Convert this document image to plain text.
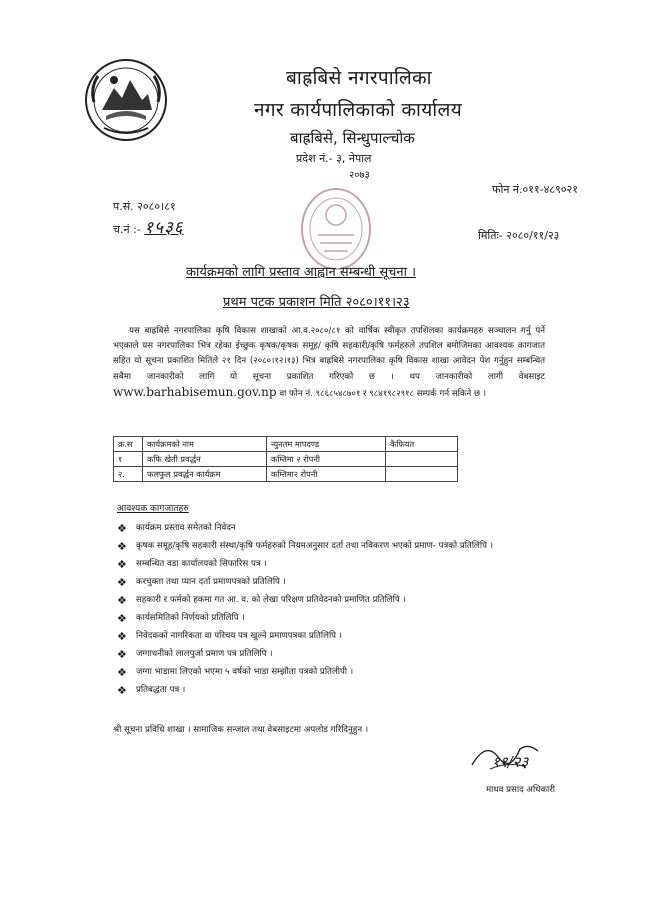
बाह्रबिसे नगरपालिका
नगर कार्यपालिकाको कार्यालय
बाह्रबिसे, सिन्धुपाल्चोक
प्रदेश नं.- ३, नेपाल
२०७३
फोन नं.०११-४८९०२१
प.सं. २०८०।८१
च.नं :- १५३६	मितिः- २०८०/११/२३
कार्यक्रमको लागि प्रस्ताव आह्वान सम्बन्धी सूचना ।
प्रथम पटक प्रकाशन मिति २०८०।११।२३
यस बाह्रबिसे नगरपालिका कृषि विकास शाखाको आ.व.२०८०/८१ को वार्षिक स्वीकृत तपशिलका कार्यक्रमहरु सञ्चालन गर्नु पर्ने भएकाले यस नगरपालिका भित्र रहेका ईच्छुक कृषक/कृषक समूह/ कृषि सहकारी/कृषि फर्महरुले तपशिल बमोजिमका आवश्यक कागजात सहित यो सूचना प्रकाशित मितिले २१ दिन (२०८०।१२।१३) भित्र बाह्रबिसे नगरपालिका कृषि विकास शाखा आवेदन पेश गर्नुहुन सम्बन्धित सबैमा जानकारीको लागि यो सूचना प्रकाशित गरिएको छ । थप जानकारीको लागी वेबसाइट www.barhabisemun.gov.np वा फोन नं. ९८६८५४८७०१ र ९८४१९८२९१८ सम्पर्क गर्न सकिने छ ।
क्र.स	कार्यक्रमको नाम	न्युनतम मापदण्ड	कैफियत
१	कफि खेती प्रवर्द्धन	कम्तिमा २ रोपनी	
२.	फलफुल प्रवर्द्धन कार्यक्रम	कम्तिमा२ रोपनी	
आवश्यक कागजातहरु
❖ कार्यक्रम प्रस्ताव समेतको निवेदन
❖ कृषक समूह/कृषि सहकारी संस्था/कृषि फर्महरुको नियमअनुसार दर्ता तथा नविकरण भएको प्रमाण- पत्रको प्रतिलिपि ।
❖ सम्बन्धित वडा कार्यालयको सिफारिस पत्र ।
❖ करचुक्ता तथा प्यान दर्ता प्रमाणपत्रको प्रतिलिपि ।
❖ सहकारी र फर्मको हकमा गत आ. व. को लेखा परिक्षण प्रतिवेदनको प्रमाणित प्रतिलिपि ।
❖ कार्यसमितिको निर्णयको प्रतिलिपि ।
❖ निवेदकको नागरिकता वा परिचय पत्र खुल्ने प्रमाणपत्रका प्रतिलिपि ।
❖ जग्गाधनीको लालपुर्जा प्रमाण पत्र प्रतिलिपि ।
❖ जग्गा भाडामा लिएको भएमा ५ वर्षको भाडा सम्झौता पत्रको प्रतिलीपी ।
❖ प्रतिबद्धता पत्र ।
श्री सूचना प्रविधि शाखा । सामाजिक सन्जाल तथा वेबसाइटमा अपलोड गरिदिनुहुन ।
११/२३
माधव प्रसाद अधिकारी
